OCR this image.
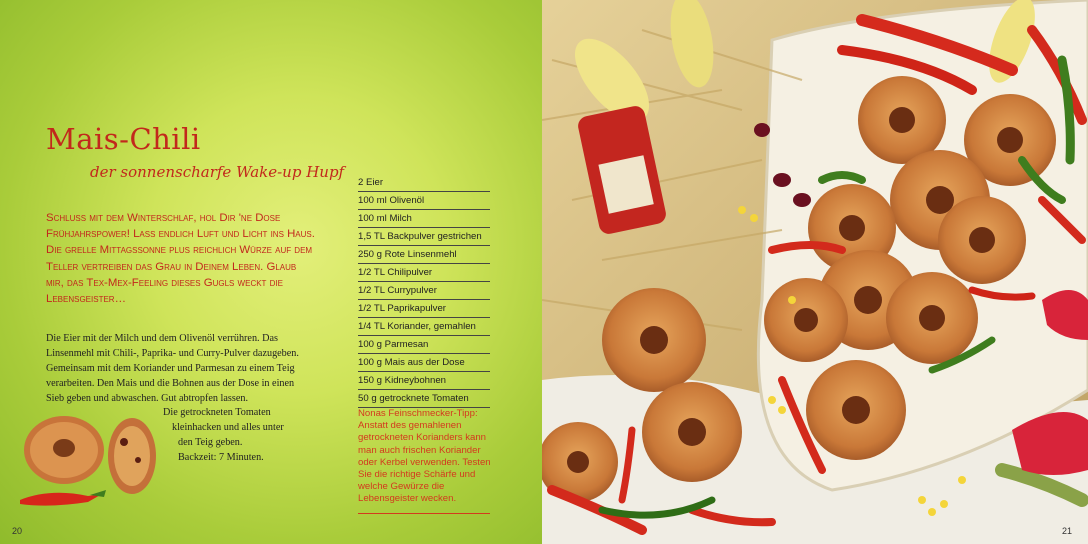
Mais-Chili
der sonnenscharfe Wake-up Hupf
Schluss mit dem Winterschlaf, hol Dir 'ne Dose Frühjahrspower! Lass endlich Luft und Licht ins Haus. Die grelle Mittagssonne plus reichlich Würze auf dem Teller vertreiben das Grau in Deinem Leben. Glaub mir, das Tex-Mex-Feeling dieses Gugls weckt die Lebensgeister…
Die Eier mit der Milch und dem Olivenöl verrühren. Das Linsenmehl mit Chili-, Paprika- und Curry-Pulver dazugeben. Gemeinsam mit dem Koriander und Parmesan zu einem Teig verarbeiten. Den Mais und die Bohnen aus der Dose in einen Sieb geben und abwaschen. Gut abtropfen lassen.
Die getrockneten Tomaten
kleinhacken und alles unter
den Teig geben.
Backzeit: 7 Minuten.
2 Eier
100 ml Olivenöl
100 ml Milch
1,5 TL Backpulver gestrichen
250 g Rote Linsenmehl
1/2 TL Chilipulver
1/2 TL Currypulver
1/2 TL Paprikapulver
1/4 TL Koriander, gemahlen
100 g Parmesan
100 g Mais aus der Dose
150 g Kidneybohnen
50 g getrocknete Tomaten
Nonas Feinschmecker-Tipp: Anstatt des gemahlenen getrockneten Korianders kann man auch frischen Koriander oder Kerbel verwenden. Testen Sie die richtige Schärfe und welche Gewürze die Lebensgeister wecken.
20	21
